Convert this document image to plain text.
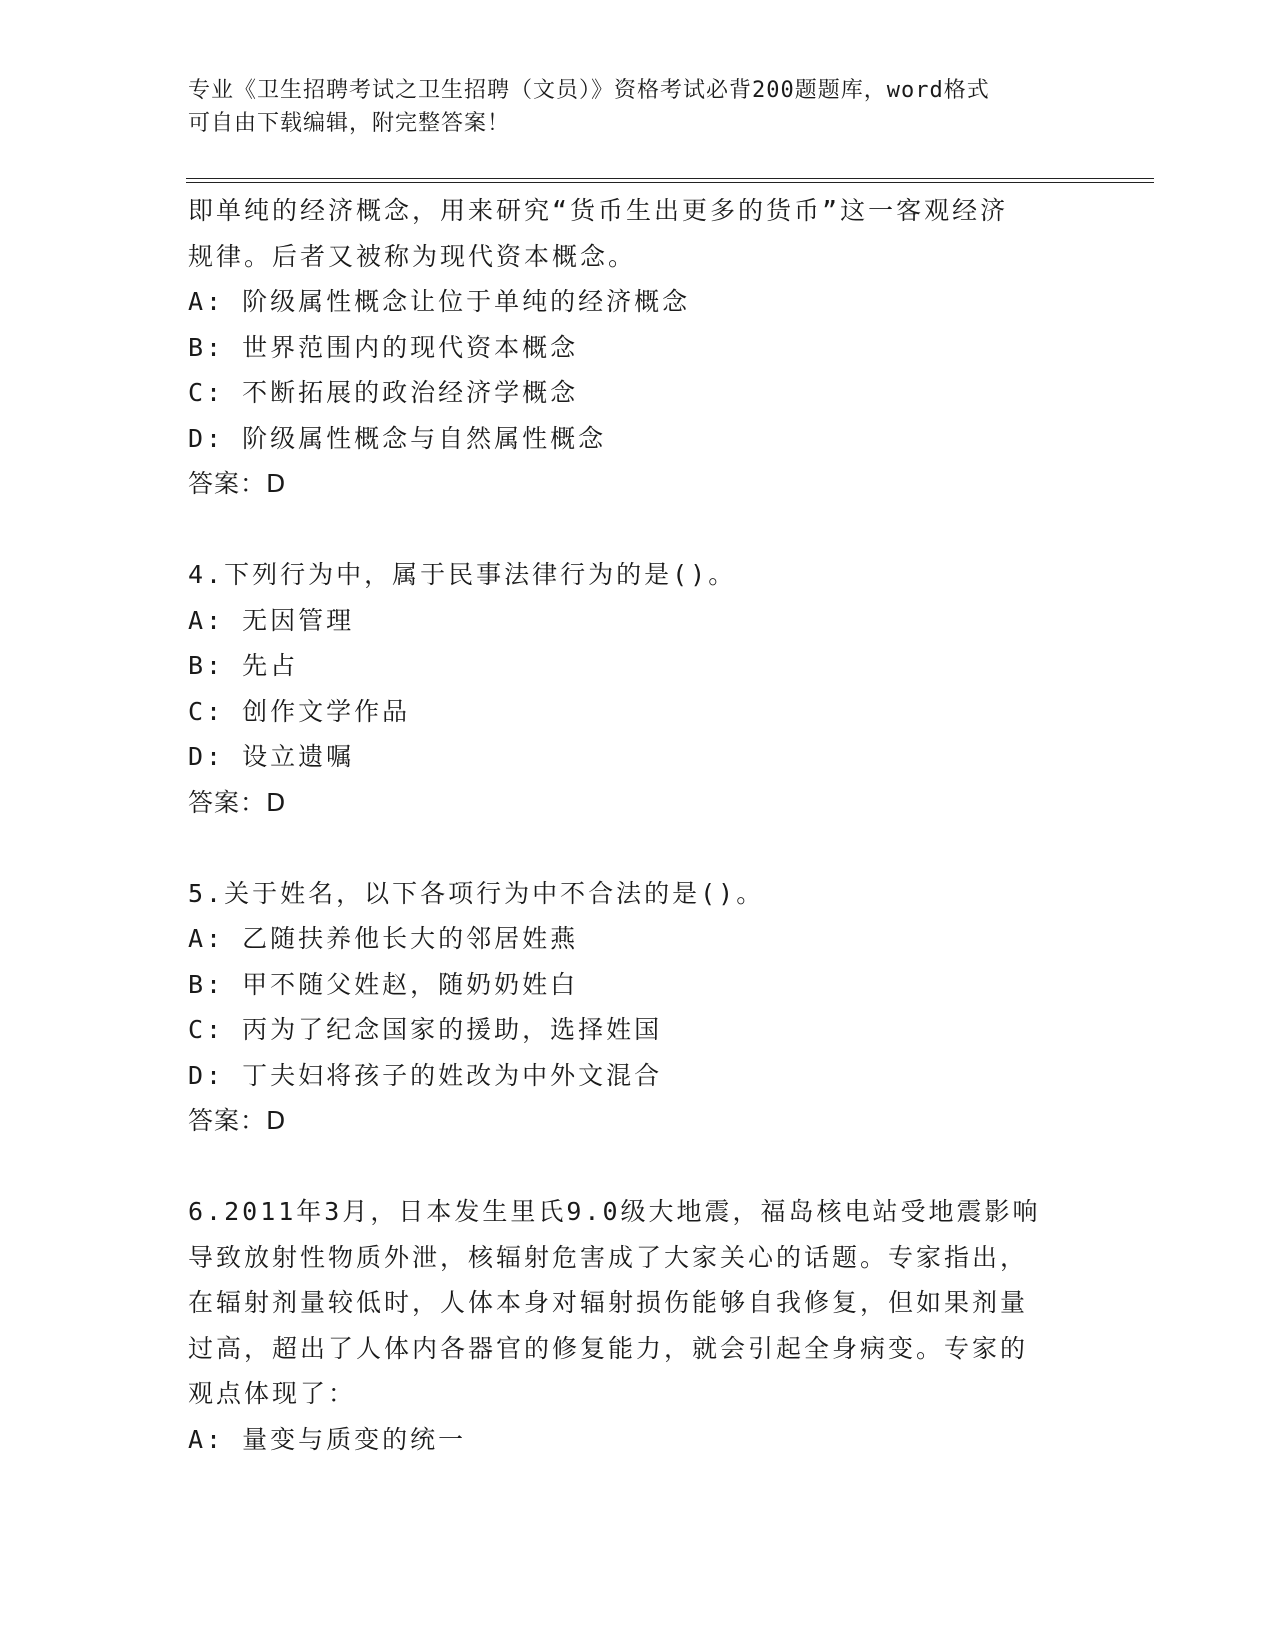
专业《卫生招聘考试之卫生招聘（文员）》资格考试必背200题题库，word格式
可自由下载编辑，附完整答案！
即单纯的经济概念，用来研究“货币生出更多的货币”这一客观经济
规律。后者又被称为现代资本概念。
A: 阶级属性概念让位于单纯的经济概念
B: 世界范围内的现代资本概念
C: 不断拓展的政治经济学概念
D: 阶级属性概念与自然属性概念
答案：D
4.下列行为中，属于民事法律行为的是()。
A: 无因管理
B: 先占
C: 创作文学作品
D: 设立遗嘱
答案：D
5.关于姓名，以下各项行为中不合法的是()。
A: 乙随扶养他长大的邻居姓燕
B: 甲不随父姓赵，随奶奶姓白
C: 丙为了纪念国家的援助，选择姓国
D: 丁夫妇将孩子的姓改为中外文混合
答案：D
6.2011年3月，日本发生里氏9.0级大地震，福岛核电站受地震影响
导致放射性物质外泄，核辐射危害成了大家关心的话题。专家指出，
在辐射剂量较低时，人体本身对辐射损伤能够自我修复，但如果剂量
过高，超出了人体内各器官的修复能力，就会引起全身病变。专家的
观点体现了：
A: 量变与质变的统一
